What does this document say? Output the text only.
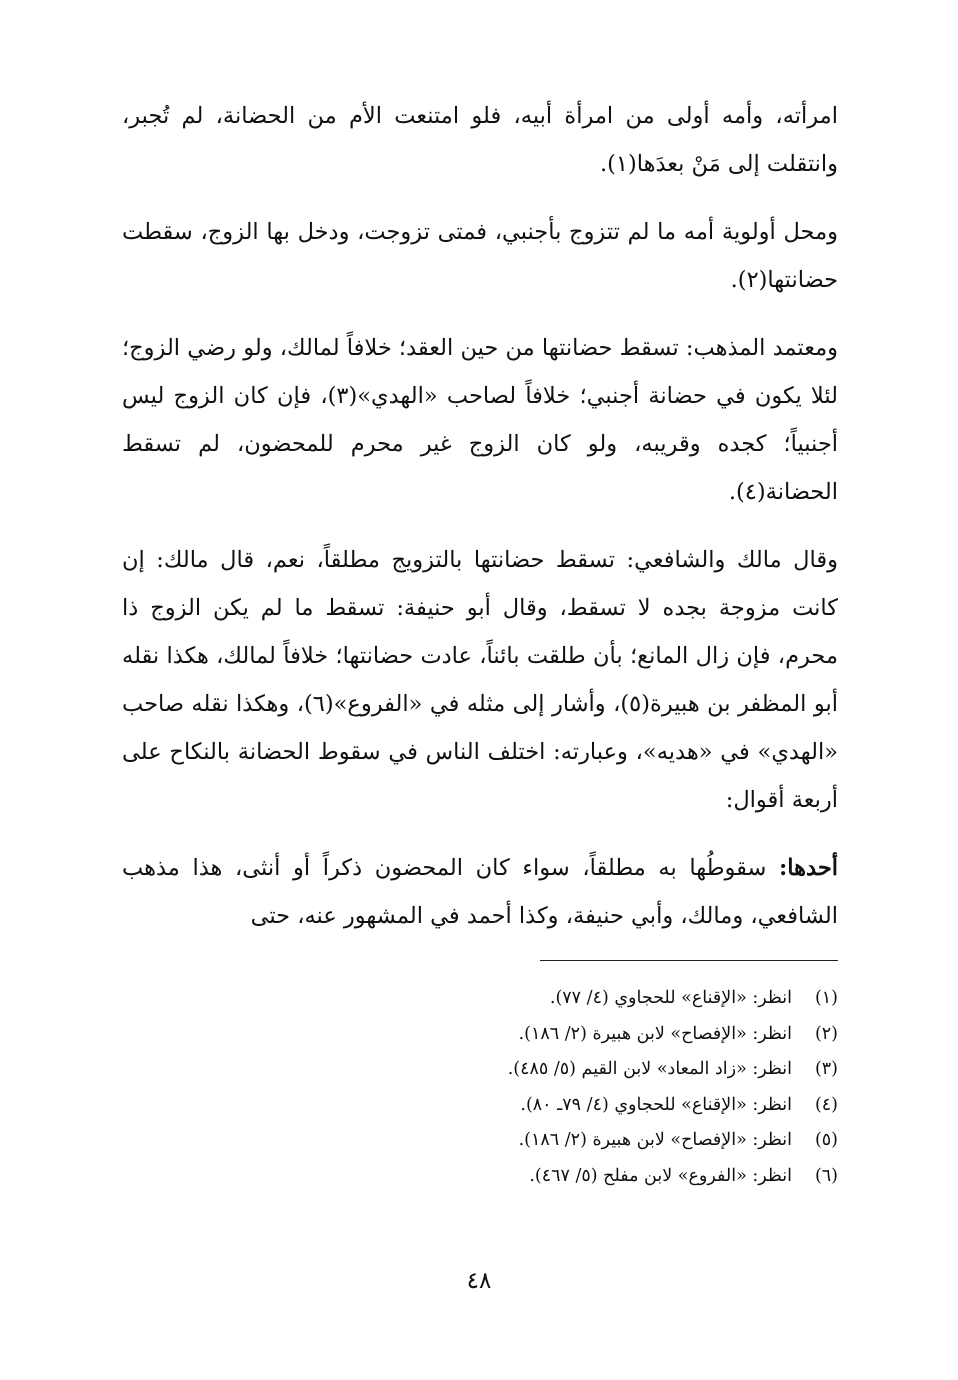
امرأته، وأمه أولى من امرأة أبيه، فلو امتنعت الأم من الحضانة، لم تُجبر، وانتقلت إلى مَنْ بعدَها(١).

ومحل أولوية أمه ما لم تتزوج بأجنبي، فمتى تزوجت، ودخل بها الزوج، سقطت حضانتها(٢).

ومعتمد المذهب: تسقط حضانتها من حين العقد؛ خلافاً لمالك، ولو رضي الزوج؛ لئلا يكون في حضانة أجنبي؛ خلافاً لصاحب «الهدي»(٣)، فإن كان الزوج ليس أجنبياً؛ كجده وقريبه، ولو كان الزوج غير محرم للمحضون، لم تسقط الحضانة(٤).

وقال مالك والشافعي: تسقط حضانتها بالتزويج مطلقاً، نعم، قال مالك: إن كانت مزوجة بجده لا تسقط، وقال أبو حنيفة: تسقط ما لم يكن الزوج ذا محرم، فإن زال المانع؛ بأن طلقت بائناً، عادت حضانتها؛ خلافاً لمالك، هكذا نقله أبو المظفر بن هبيرة(٥)، وأشار إلى مثله في «الفروع»(٦)، وهكذا نقله صاحب «الهدي» في «هديه»، وعبارته: اختلف الناس في سقوط الحضانة بالنكاح على أربعة أقوال:

أحدها: سقوطُها به مطلقاً، سواء كان المحضون ذكراً أو أنثى، هذا مذهب الشافعي، ومالك، وأبي حنيفة، وكذا أحمد في المشهور عنه، حتى

(١)انظر: «الإقناع» للحجاوي (٤/ ٧٧).
(٢)انظر: «الإفصاح» لابن هبيرة (٢/ ١٨٦).
(٣)انظر: «زاد المعاد» لابن القيم (٥/ ٤٨٥).
(٤)انظر: «الإقناع» للحجاوي (٤/ ٧٩ـ ٨٠).
(٥)انظر: «الإفصاح» لابن هبيرة (٢/ ١٨٦).
(٦)انظر: «الفروع» لابن مفلح (٥/ ٤٦٧).
٤٨
